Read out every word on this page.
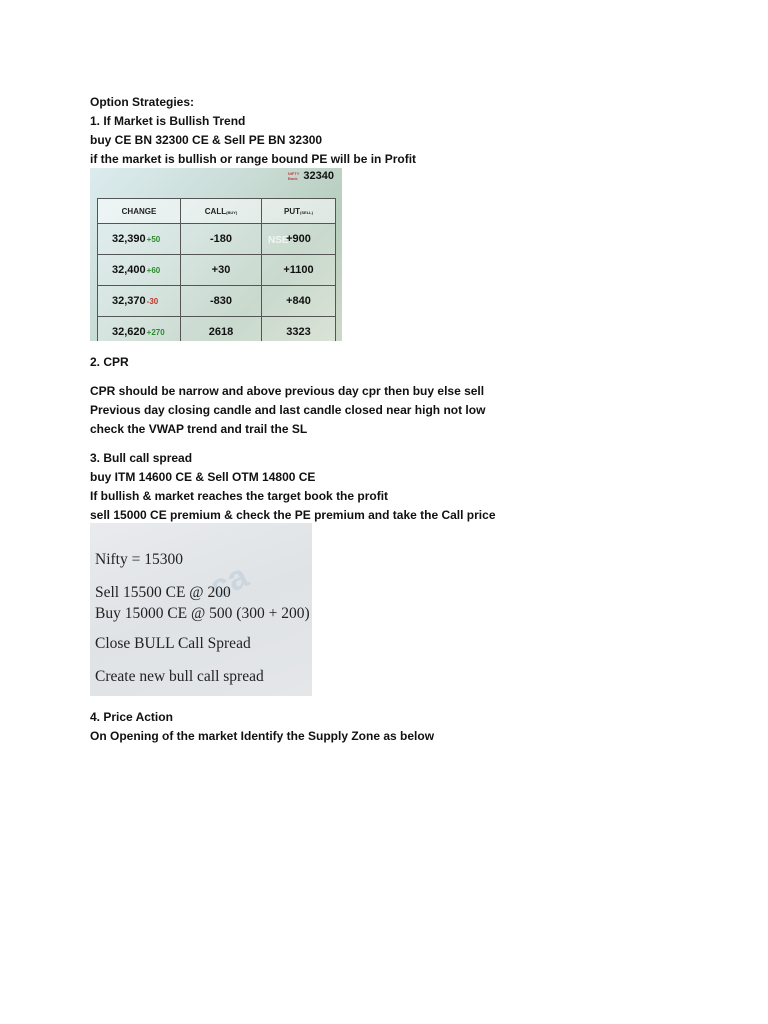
Option Strategies:
1. If Market is Bullish Trend
buy CE BN 32300 CE & Sell PE BN 32300
if the market is bullish or range bound PE will be in Profit
NIFTY
Bank 32340
NSE
CHANGE	CALL(BUY)	PUT(SELL)
32,390+50	-180	+900
32,400+60	+30	+1100
32,370-30	-830	+840
32,620+270	2618	3323
2. CPR
CPR should be narrow and above previous day cpr then buy else sell
Previous day closing candle and last candle closed near high not low
check the VWAP trend and trail the SL
3. Bull call spread
buy ITM 14600 CE & Sell OTM 14800 CE
If bullish & market reaches the target book the profit
sell 15000 CE premium & check the PE premium and take the Call price
ca
Nifty = 15300
Sell 15500 CE @ 200
Buy 15000 CE @ 500 (300 + 200)
Close BULL Call Spread
Create new bull call spread
4. Price Action
On Opening of the market Identify the Supply Zone as below
